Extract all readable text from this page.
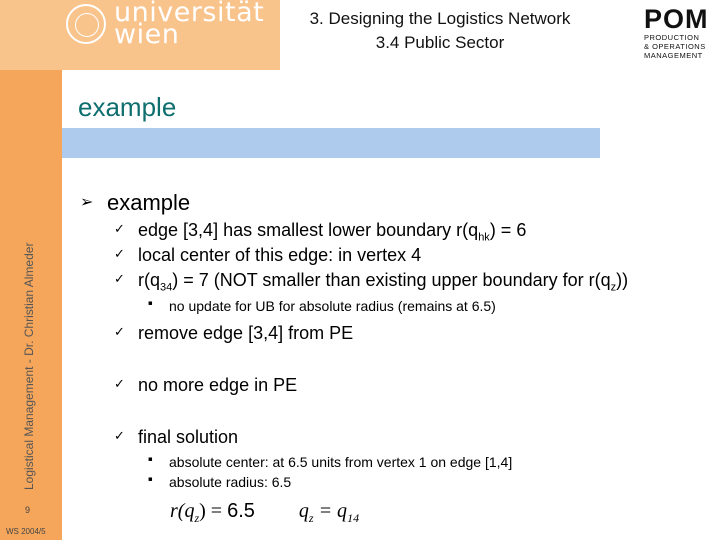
Logistical Management - Dr. Christian Almeder
9
WS 2004/5
universität
wien
3. Designing the Logistics Network
3.4 Public Sector
POM
PRODUCTION
& OPERATIONS
MANAGEMENT
example
➢ example
✓ edge [3,4] has smallest lower boundary $r(q_{hk}) = 6$
✓ local center of this edge: in vertex 4
✓ $r(q_{34}) = 7$ (NOT smaller than existing upper boundary for $r(q_z)$)
▪ no update for UB for absolute radius (remains at 6.5)
✓ remove edge [3,4] from PE
✓ no more edge in PE
✓ final solution
▪ absolute center: at 6.5 units from vertex 1 on edge [1,4]
▪ absolute radius: 6.5
$r(q_z) = 6.5$ $q_z = q_{14}$
